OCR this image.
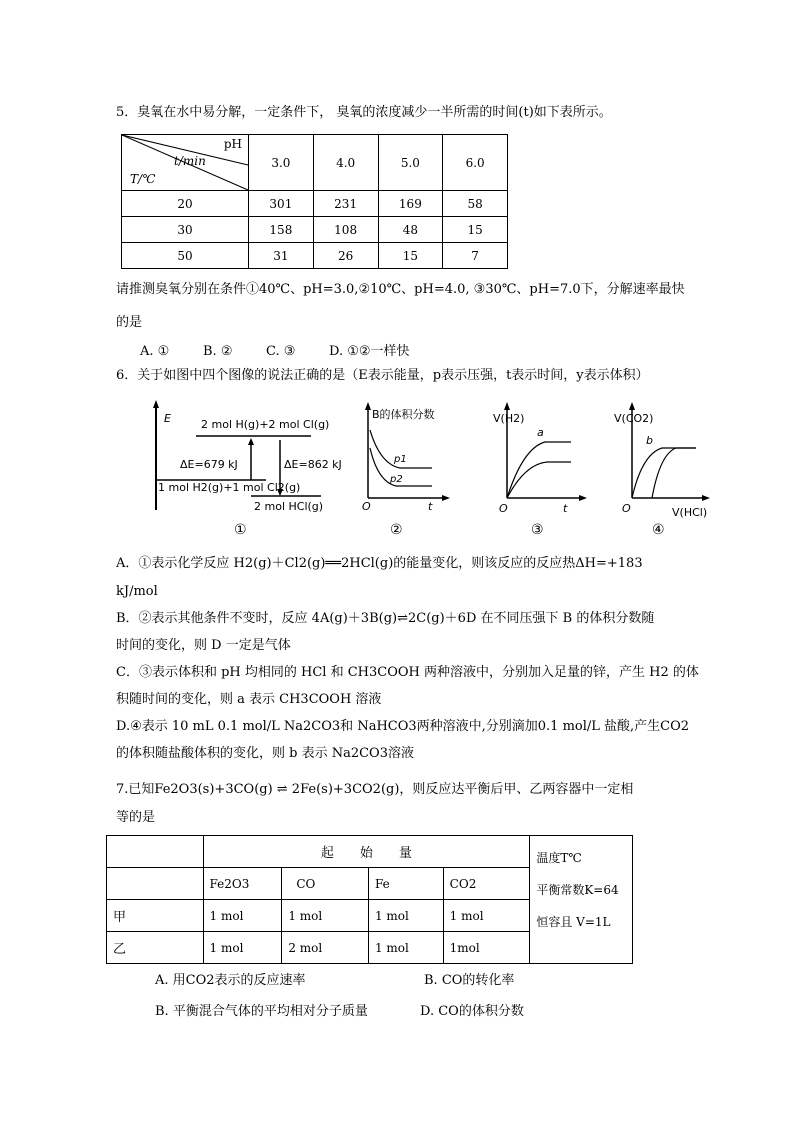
5．臭氧在水中易分解，一定条件下， 臭氧的浓度减少一半所需的时间(t)如下表所示。
pH
t/min
T/℃	3.0	4.0	5.0	6.0
20	301	231	169	58
30	158	108	48	15
50	31	26	15	7
请推测臭氧分别在条件①40℃、pH=3.0,②10℃、pH=4.0, ③30℃、pH=7.0下，分解速率最快
的是
A. ①	B. ②	C. ③	D. ①②一样快
6．关于如图中四个图像的说法正确的是（E表示能量，p表示压强，t表示时间，y表示体积）
E	2 mol H(g)+2 mol Cl(g)
ΔE=679 kJ	ΔE=862 kJ
1 mol H2(g)+1 mol Cl2(g)
2 mol HCl(g)
①
B的体积分数
p1
p2
O	t
②
V(H2)
a
O	t
③
V(CO2)
b
O	V(HCl)
④
A．①表示化学反应 H2(g)＋Cl2(g)══2HCl(g)的能量变化，则该反应的反应热ΔH=+183
kJ/mol
B．②表示其他条件不变时，反应 4A(g)＋3B(g)⇌2C(g)＋6D 在不同压强下 B 的体积分数随
时间的变化，则 D 一定是气体
C．③表示体积和 pH 均相同的 HCl 和 CH3COOH 两种溶液中，分别加入足量的锌，产生 H2 的体
积随时间的变化，则 a 表示 CH3COOH 溶液
D.④表示 10 mL 0.1 mol/L Na2CO3和 NaHCO3两种溶液中,分别滴加0.1 mol/L 盐酸,产生CO2
的体积随盐酸体积的变化，则 b 表示 Na2CO3溶液
7.已知Fe2O3(s)+3CO(g) ⇌ 2Fe(s)+3CO2(g)，则反应达平衡后甲、乙两容器中一定相
等的是
	起　　始　　量				温度T℃
平衡常数K=64
恒容且 V=1L

	Fe2O3	CO	Fe	CO2	
甲	1 mol	1 mol	1 mol	1 mol	
乙	1 mol	2 mol	1 mol	1mol	
A. 用CO2表示的反应速率	B. CO的转化率
B. 平衡混合气体的平均相对分子质量	D. CO的体积分数
